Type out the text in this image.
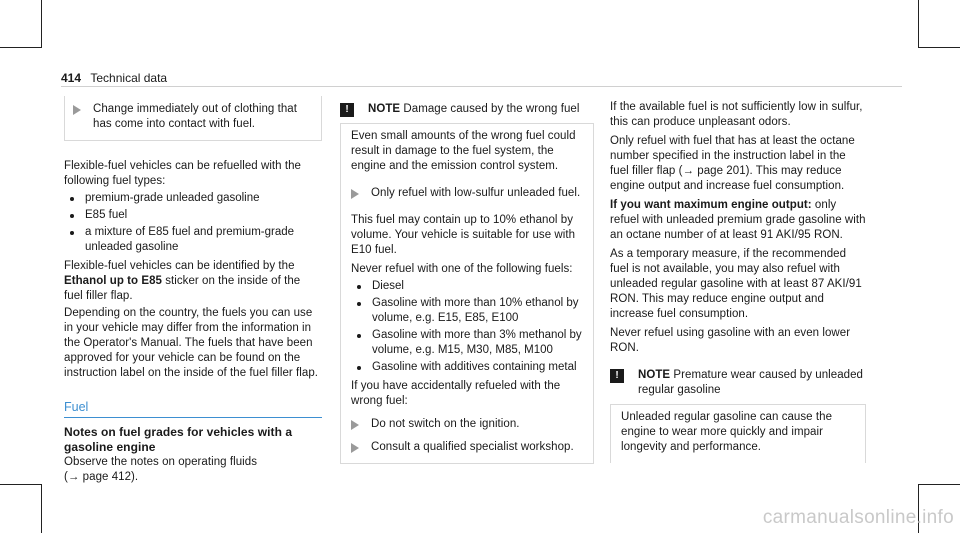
414 Technical data

Change immediately out of clothing that has come into contact with fuel.

Flexible-fuel vehicles can be refuelled with the following fuel types:

premium-grade unleaded gasoline
E85 fuel
a mixture of E85 fuel and premium-grade unleaded gasoline

Flexible-fuel vehicles can be identified by the Ethanol up to E85 sticker on the inside of the fuel filler flap.

Depending on the country, the fuels you can use in your vehicle may differ from the information in the Operator's Manual. The fuels that have been approved for your vehicle can be found on the instruction label on the inside of the fuel filler flap.

Fuel

Notes on fuel grades for vehicles with a gasoline engine

Observe the notes on operating fluids

(→ page 412).

!	NOTE Damage caused by the wrong fuel

Even small amounts of the wrong fuel could result in damage to the fuel system, the engine and the emission control system.

Only refuel with low-sulfur unleaded fuel.

This fuel may contain up to 10% ethanol by volume. Your vehicle is suitable for use with E10 fuel.

Never refuel with one of the following fuels:

Diesel
Gasoline with more than 10% ethanol by volume, e.g. E15, E85, E100
Gasoline with more than 3% methanol by volume, e.g. M15, M30, M85, M100
Gasoline with additives containing metal

If you have accidentally refueled with the wrong fuel:

Do not switch on the ignition.

Consult a qualified specialist workshop.

If the available fuel is not sufficiently low in sulfur, this can produce unpleasant odors.

Only refuel with fuel that has at least the octane number specified in the instruction label in the fuel filler flap (→ page 201). This may reduce engine output and increase fuel consumption.

If you want maximum engine output: only refuel with unleaded premium grade gasoline with an octane number of at least 91 AKI/95 RON.

As a temporary measure, if the recommended fuel is not available, you may also refuel with unleaded regular gasoline with at least 87 AKI/91 RON. This may reduce engine output and increase fuel consumption.

Never refuel using gasoline with an even lower RON.

!	NOTE Premature wear caused by unleaded regular gasoline

Unleaded regular gasoline can cause the engine to wear more quickly and impair longevity and performance.

carmanualsonline.info
